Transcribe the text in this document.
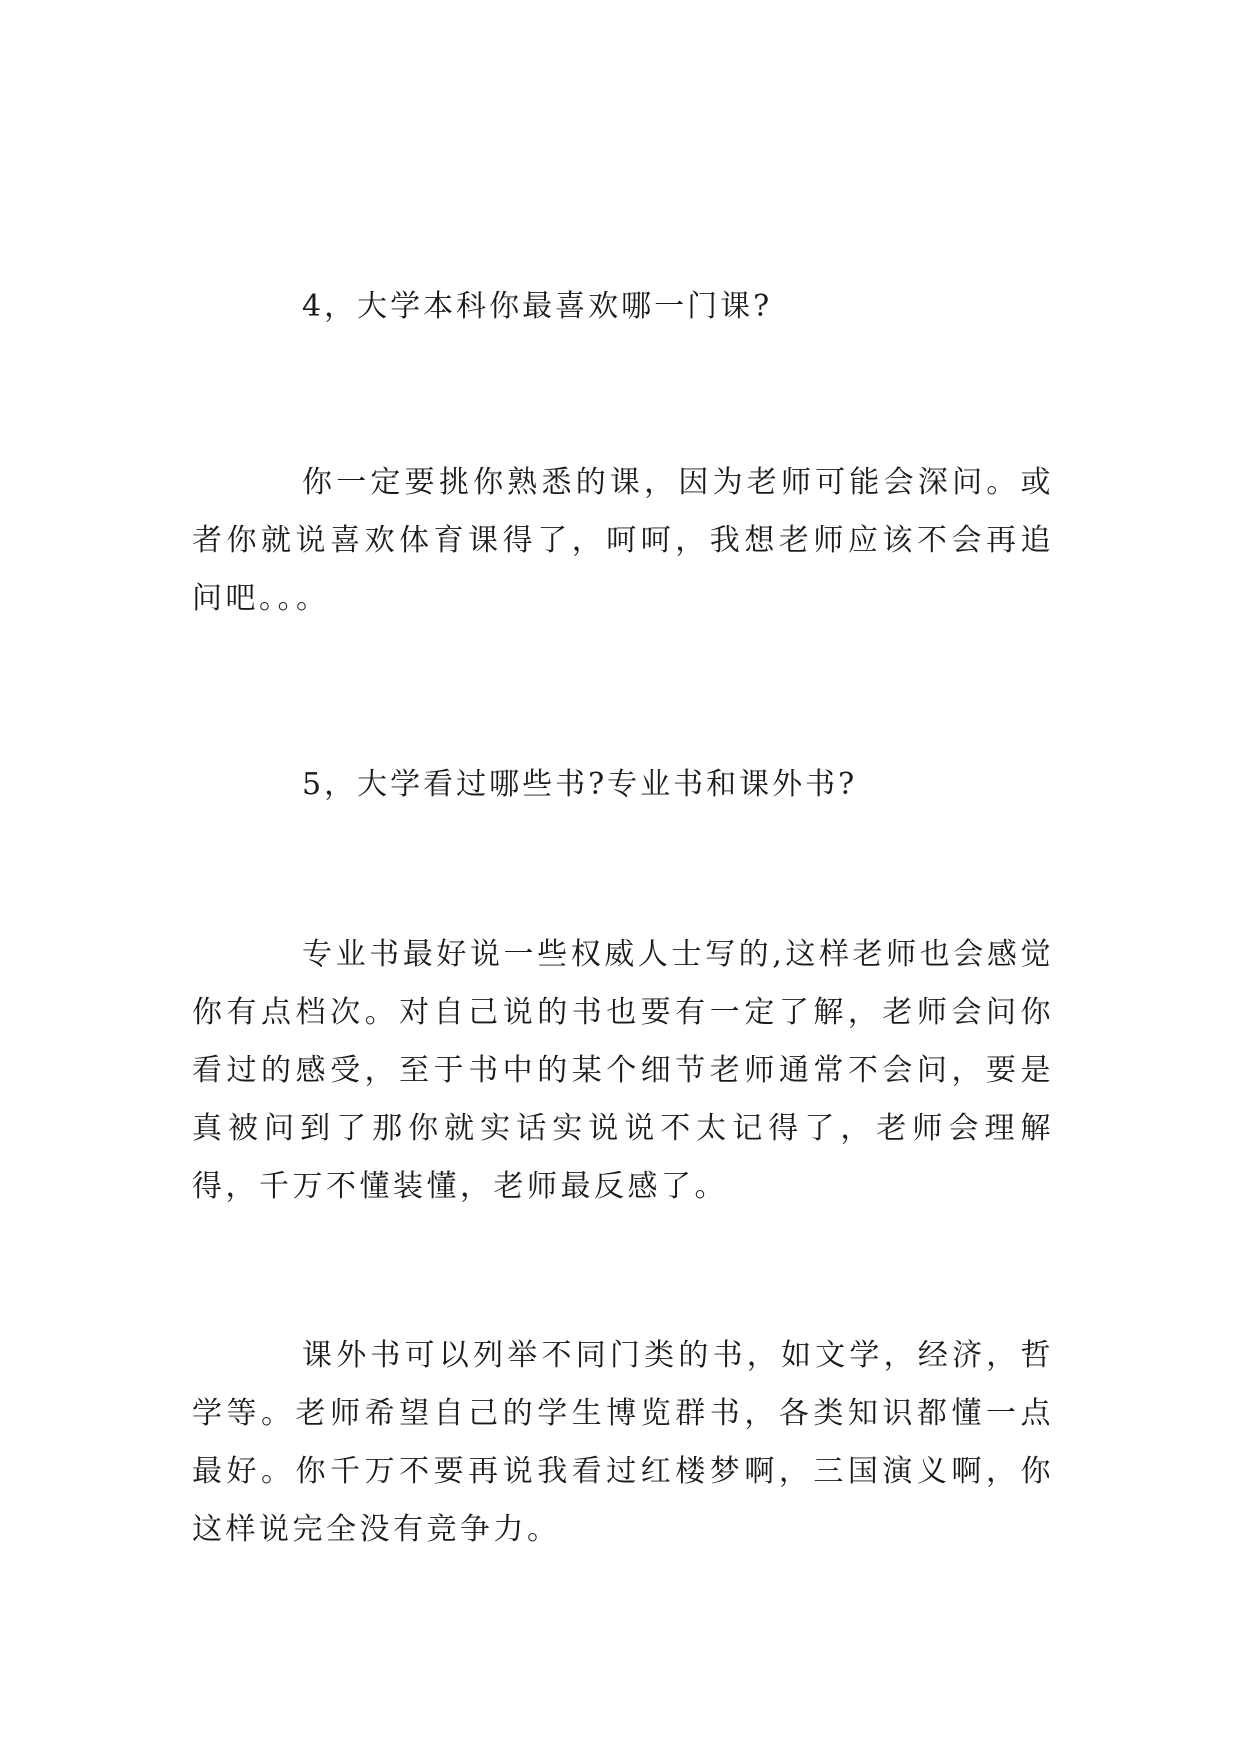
4，大学本科你最喜欢哪一门课?

你一定要挑你熟悉的课，因为老师可能会深问。或者你就说喜欢体育课得了，呵呵，我想老师应该不会再追问吧。。。

5，大学看过哪些书?专业书和课外书?

专业书最好说一些权威人士写的,这样老师也会感觉你有点档次。对自己说的书也要有一定了解，老师会问你看过的感受，至于书中的某个细节老师通常不会问，要是真被问到了那你就实话实说说不太记得了，老师会理解得，千万不懂装懂，老师最反感了。

课外书可以列举不同门类的书，如文学，经济，哲学等。老师希望自己的学生博览群书，各类知识都懂一点最好。你千万不要再说我看过红楼梦啊，三国演义啊，你这样说完全没有竞争力。
